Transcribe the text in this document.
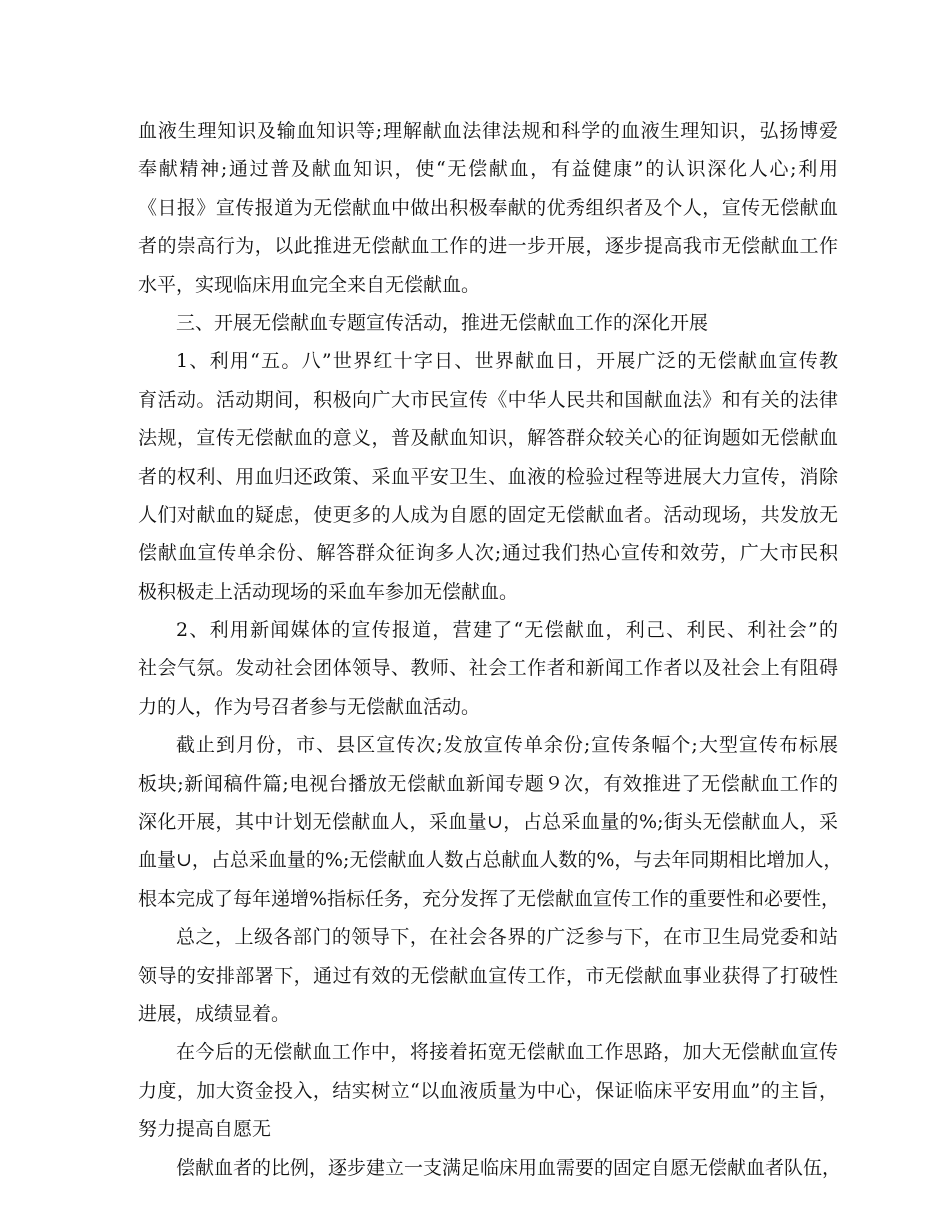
血液生理知识及输血知识等;理解献血法律法规和科学的血液生理知识，弘扬博爱
奉献精神;通过普及献血知识，使“无偿献血，有益健康”的认识深化人心;利用
《日报》宣传报道为无偿献血中做出积极奉献的优秀组织者及个人，宣传无偿献血
者的崇高行为，以此推进无偿献血工作的进一步开展，逐步提高我市无偿献血工作
水平，实现临床用血完全来自无偿献血。
三、开展无偿献血专题宣传活动，推进无偿献血工作的深化开展
1、利用“五。八”世界红十字日、世界献血日，开展广泛的无偿献血宣传教
育活动。活动期间，积极向广大市民宣传《中华人民共和国献血法》和有关的法律
法规，宣传无偿献血的意义，普及献血知识，解答群众较关心的征询题如无偿献血
者的权利、用血归还政策、采血平安卫生、血液的检验过程等进展大力宣传，消除
人们对献血的疑虑，使更多的人成为自愿的固定无偿献血者。活动现场，共发放无
偿献血宣传单余份、解答群众征询多人次;通过我们热心宣传和效劳，广大市民积
极积极走上活动现场的采血车参加无偿献血。
2、利用新闻媒体的宣传报道，营建了“无偿献血，利己、利民、利社会”的
社会气氛。发动社会团体领导、教师、社会工作者和新闻工作者以及社会上有阻碍
力的人，作为号召者参与无偿献血活动。
截止到月份，市、县区宣传次;发放宣传单余份;宣传条幅个;大型宣传布标展
板块;新闻稿件篇;电视台播放无偿献血新闻专题９次，有效推进了无偿献血工作的
深化开展，其中计划无偿献血人，采血量∪，占总采血量的%;街头无偿献血人，采
血量∪，占总采血量的%;无偿献血人数占总献血人数的%，与去年同期相比增加人，
根本完成了每年递增%指标任务，充分发挥了无偿献血宣传工作的重要性和必要性，
总之，上级各部门的领导下，在社会各界的广泛参与下，在市卫生局党委和站
领导的安排部署下，通过有效的无偿献血宣传工作，市无偿献血事业获得了打破性
进展，成绩显着。
在今后的无偿献血工作中，将接着拓宽无偿献血工作思路，加大无偿献血宣传
力度，加大资金投入，结实树立“以血液质量为中心，保证临床平安用血”的主旨，
努力提高自愿无
偿献血者的比例，逐步建立一支满足临床用血需要的固定自愿无偿献血者队伍，
